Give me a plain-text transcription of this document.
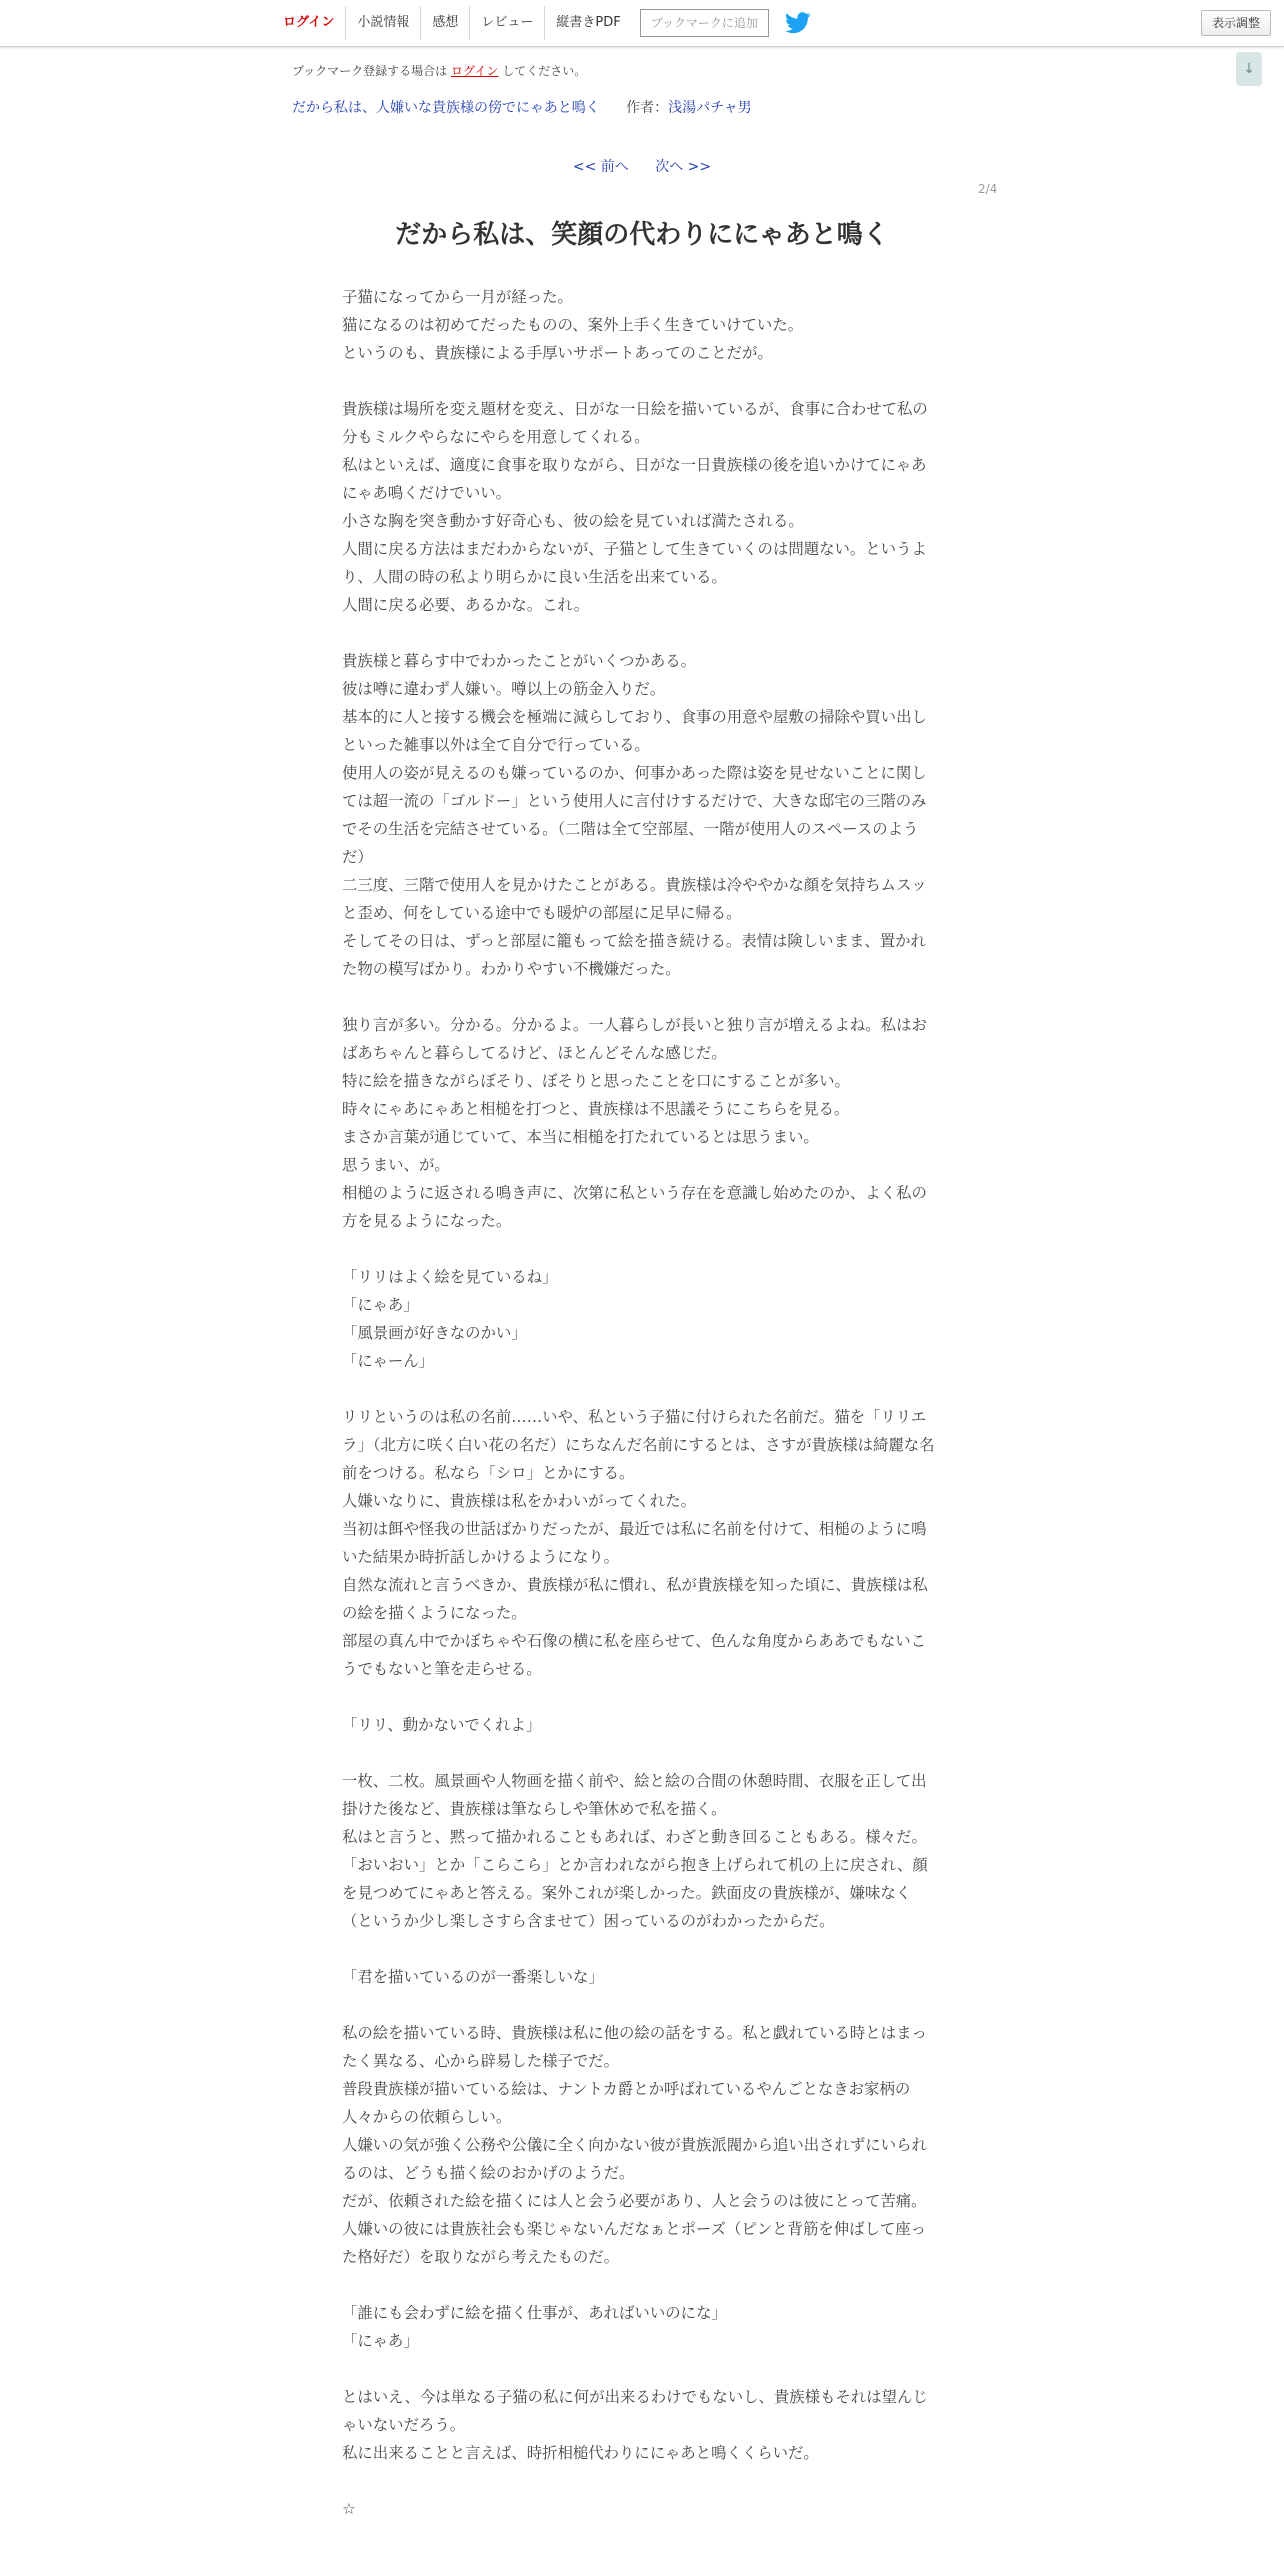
ログイン	小説情報	感想	レビュー	縦書きPDF	ブックマークに追加	表示調整
ブックマーク登録する場合は ログイン してください。	↓
だから私は、人嫌いな貴族様の傍でにゃあと鳴く 作者：浅湯パチャ男
<< 前へ 次へ >>
2/4
だから私は、笑顔の代わりににゃあと鳴く

子猫になってから一月が経った。

猫になるのは初めてだったものの、案外上手く生きていけていた。

というのも、貴族様による手厚いサポートあってのことだが。

貴族様は場所を変え題材を変え、日がな一日絵を描いているが、食事に合わせて私の分もミルクやらなにやらを用意してくれる。

私はといえば、適度に食事を取りながら、日がな一日貴族様の後を追いかけてにゃあにゃあ鳴くだけでいい。

小さな胸を突き動かす好奇心も、彼の絵を見ていれば満たされる。

人間に戻る方法はまだわからないが、子猫として生きていくのは問題ない。というより、人間の時の私より明らかに良い生活を出来ている。

人間に戻る必要、あるかな。これ。

貴族様と暮らす中でわかったことがいくつかある。

彼は噂に違わず人嫌い。噂以上の筋金入りだ。

基本的に人と接する機会を極端に減らしており、食事の用意や屋敷の掃除や買い出しといった雑事以外は全て自分で行っている。

使用人の姿が見えるのも嫌っているのか、何事かあった際は姿を見せないことに関しては超一流の「ゴルドー」という使用人に言付けするだけで、大きな邸宅の三階のみでその生活を完結させている。（二階は全て空部屋、一階が使用人のスペースのようだ）

二三度、三階で使用人を見かけたことがある。貴族様は冷ややかな顔を気持ちムスッと歪め、何をしている途中でも暖炉の部屋に足早に帰る。

そしてその日は、ずっと部屋に籠もって絵を描き続ける。表情は険しいまま、置かれた物の模写ばかり。わかりやすい不機嫌だった。

独り言が多い。分かる。分かるよ。一人暮らしが長いと独り言が増えるよね。私はおばあちゃんと暮らしてるけど、ほとんどそんな感じだ。

特に絵を描きながらぼそり、ぼそりと思ったことを口にすることが多い。

時々にゃあにゃあと相槌を打つと、貴族様は不思議そうにこちらを見る。

まさか言葉が通じていて、本当に相槌を打たれているとは思うまい。

思うまい、が。

相槌のように返される鳴き声に、次第に私という存在を意識し始めたのか、よく私の方を見るようになった。

「リリはよく絵を見ているね」

「にゃあ」

「風景画が好きなのかい」

「にゃーん」

リリというのは私の名前……いや、私という子猫に付けられた名前だ。猫を「リリエラ」（北方に咲く白い花の名だ）にちなんだ名前にするとは、さすが貴族様は綺麗な名前をつける。私なら「シロ」とかにする。

人嫌いなりに、貴族様は私をかわいがってくれた。

当初は餌や怪我の世話ばかりだったが、最近では私に名前を付けて、相槌のように鳴いた結果か時折話しかけるようになり。

自然な流れと言うべきか、貴族様が私に慣れ、私が貴族様を知った頃に、貴族様は私の絵を描くようになった。

部屋の真ん中でかぼちゃや石像の横に私を座らせて、色んな角度からああでもないこうでもないと筆を走らせる。

「リリ、動かないでくれよ」

一枚、二枚。風景画や人物画を描く前や、絵と絵の合間の休憩時間、衣服を正して出掛けた後など、貴族様は筆ならしや筆休めで私を描く。

私はと言うと、黙って描かれることもあれば、わざと動き回ることもある。様々だ。

「おいおい」とか「こらこら」とか言われながら抱き上げられて机の上に戻され、顔を見つめてにゃあと答える。案外これが楽しかった。鉄面皮の貴族様が、嫌味なく（というか少し楽しさすら含ませて）困っているのがわかったからだ。

「君を描いているのが一番楽しいな」

私の絵を描いている時、貴族様は私に他の絵の話をする。私と戯れている時とはまったく異なる、心から辟易した様子でだ。

普段貴族様が描いている絵は、ナントカ爵とか呼ばれているやんごとなきお家柄の人々からの依頼らしい。

人嫌いの気が強く公務や公儀に全く向かない彼が貴族派閥から追い出されずにいられるのは、どうも描く絵のおかげのようだ。

だが、依頼された絵を描くには人と会う必要があり、人と会うのは彼にとって苦痛。

人嫌いの彼には貴族社会も楽じゃないんだなぁとポーズ（ピンと背筋を伸ばして座った格好だ）を取りながら考えたものだ。

「誰にも会わずに絵を描く仕事が、あればいいのにな」

「にゃあ」

とはいえ、今は単なる子猫の私に何が出来るわけでもないし、貴族様もそれは望んじゃいないだろう。

私に出来ることと言えば、時折相槌代わりににゃあと鳴くくらいだ。

☆
